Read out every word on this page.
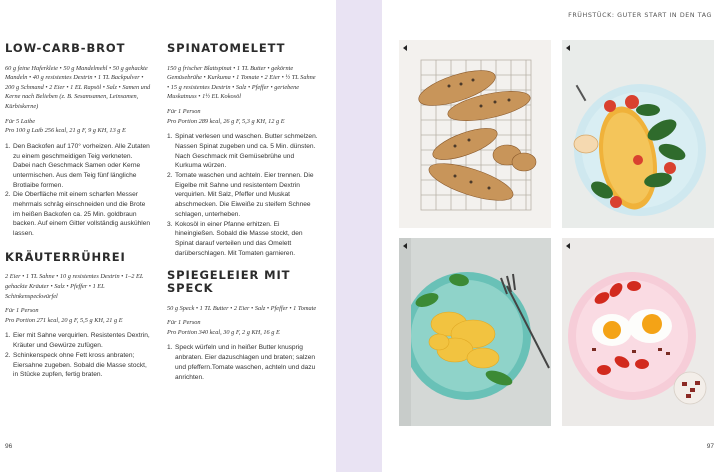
LOW-CARB-BROT

60 g feine Haferkleie • 50 g Mandelmehl • 50 g gehackte Mandeln • 40 g resistentes Dextrin • 1 TL Backpulver • 200 g Schmand • 2 Eier • 1 EL Rapsöl • Salz • Samen und Kerne nach Belieben (z. B. Sesamsamen, Leinsamen, Kürbiskerne)

Für 5 Laibe

Pro 100 g Laib 256 kcal, 21 g F, 9 g KH, 13 g E

1. Den Backofen auf 170° vorheizen. Alle Zutaten zu einem geschmeidigen Teig verkneten. Dabei nach Geschmack Samen oder Kerne untermischen. Aus dem Teig fünf längliche Brotlaibe formen.
2. Die Oberfläche mit einem scharfen Messer mehrmals schräg einschneiden und die Brote im heißen Backofen ca. 25 Min. goldbraun backen. Auf einem Gitter vollständig auskühlen lassen.
KRÄUTERRÜHREI

2 Eier • 1 TL Sahne • 10 g resistentes Dextrin • 1–2 EL gehackte Kräuter • Salz • Pfeffer • 1 EL Schinkenspeckwürfel

Für 1 Person

Pro Portion 271 kcal, 20 g F, 5,5 g KH, 21 g E

1. Eier mit Sahne verquirlen. Resistentes Dextrin, Kräuter und Gewürze zufügen.
2. Schinkenspeck ohne Fett kross anbraten; Eiersahne zugeben. Sobald die Masse stockt, in Stücke zupfen, fertig braten.
SPINATOMELETT

150 g frischer Blattspinat • 1 TL Butter • gekörnte Gemüsebrühe • Kurkuma • 1 Tomate • 2 Eier • ½ TL Sahne • 15 g resistentes Dextrin • Salz • Pfeffer • geriebene Muskatnuss • 1½ EL Kokosöl

Für 1 Person

Pro Portion 289 kcal, 26 g F, 5,3 g KH, 12 g E

1. Spinat verlesen und waschen. Butter schmelzen. Nassen Spinat zugeben und ca. 5 Min. dünsten. Nach Geschmack mit Gemüsebrühe und Kurkuma würzen.
2. Tomate waschen und achteln. Eier trennen. Die Eigelbe mit Sahne und resistentem Dextrin verquirlen. Mit Salz, Pfeffer und Muskat abschmecken. Die Eiweiße zu steifem Schnee schlagen, unterheben.
3. Kokosöl in einer Pfanne erhitzen. Ei hineingießen. Sobald die Masse stockt, den Spinat darauf verteilen und das Omelett darüberschlagen. Mit Tomaten garnieren.
SPIEGELEIER MIT SPECK

50 g Speck • 1 TL Butter • 2 Eier • Salz • Pfeffer • 1 Tomate

Für 1 Person

Pro Portion 340 kcal, 30 g F, 2 g KH, 16 g E

1. Speck würfeln und in heißer Butter knusprig anbraten. Eier dazuschlagen und braten; salzen und pfeffern.Tomate waschen, achteln und dazu anrichten.
96
FRÜHSTÜCK: GUTER START IN DEN TAG
97
